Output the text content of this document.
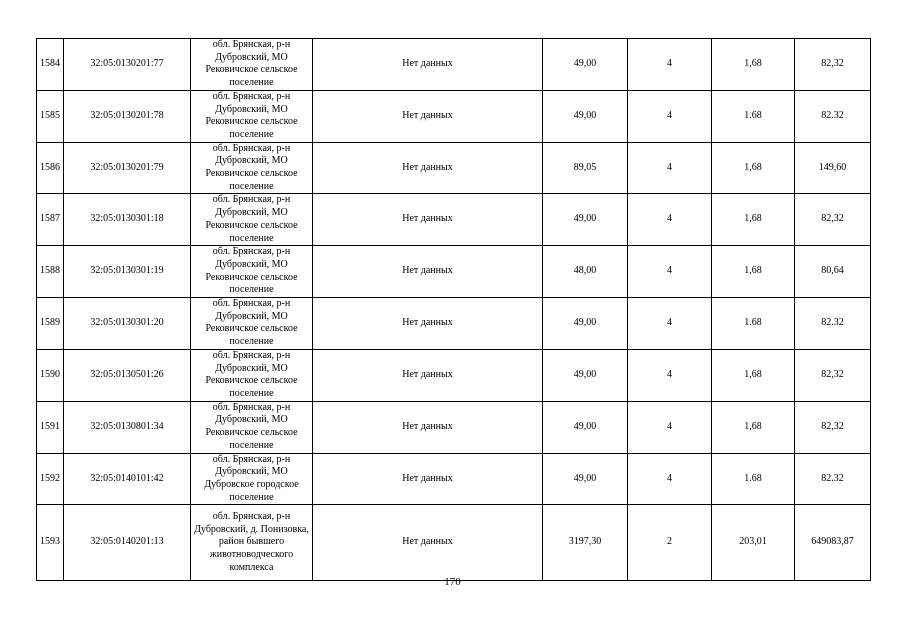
1584	32:05:0130201:77	обл. Брянская, р-н Дубровский, МО Рековичское сельское поселение	Нет данных	49,00	4	1,68	82,32
1585	32:05:0130201:78	обл. Брянская, р-н Дубровский, МО Рековичское сельское поселение	Нет данных	49,00	4	1.68	82.32
1586	32:05:0130201:79	обл. Брянская, р-н Дубровский, МО Рековичское сельское поселение	Нет данных	89,05	4	1,68	149,60
1587	32:05:0130301:18	обл. Брянская, р-н Дубровский, МО Рековичское сельское поселение	Нет данных	49,00	4	1,68	82,32
1588	32:05:0130301:19	обл. Брянская, р-н Дубровский, МО Рековичское сельское поселение	Нет данных	48,00	4	1,68	80,64
1589	32:05:0130301:20	обл. Брянская, р-н Дубровский, МО Рековичское сельское поселение	Нет данных	49,00	4	1.68	82.32
1590	32:05:0130501:26	обл. Брянская, р-н Дубровский, МО Рековичское сельское поселение	Нет данных	49,00	4	1,68	82,32
1591	32:05:0130801:34	обл. Брянская, р-н Дубровский, МО Рековичское сельское поселение	Нет данных	49,00	4	1,68	82,32
1592	32:05:0140101:42	обл. Брянская, р-н Дубровский, МО Дубровское городское поселение	Нет данных	49,00	4	1.68	82.32
1593	32:05:0140201:13	обл. Брянская, р-н Дубровский, д. Понизовка, район бывшего животноводческого комплекса	Нет данных	3197,30	2	203,01	649083,87
170
